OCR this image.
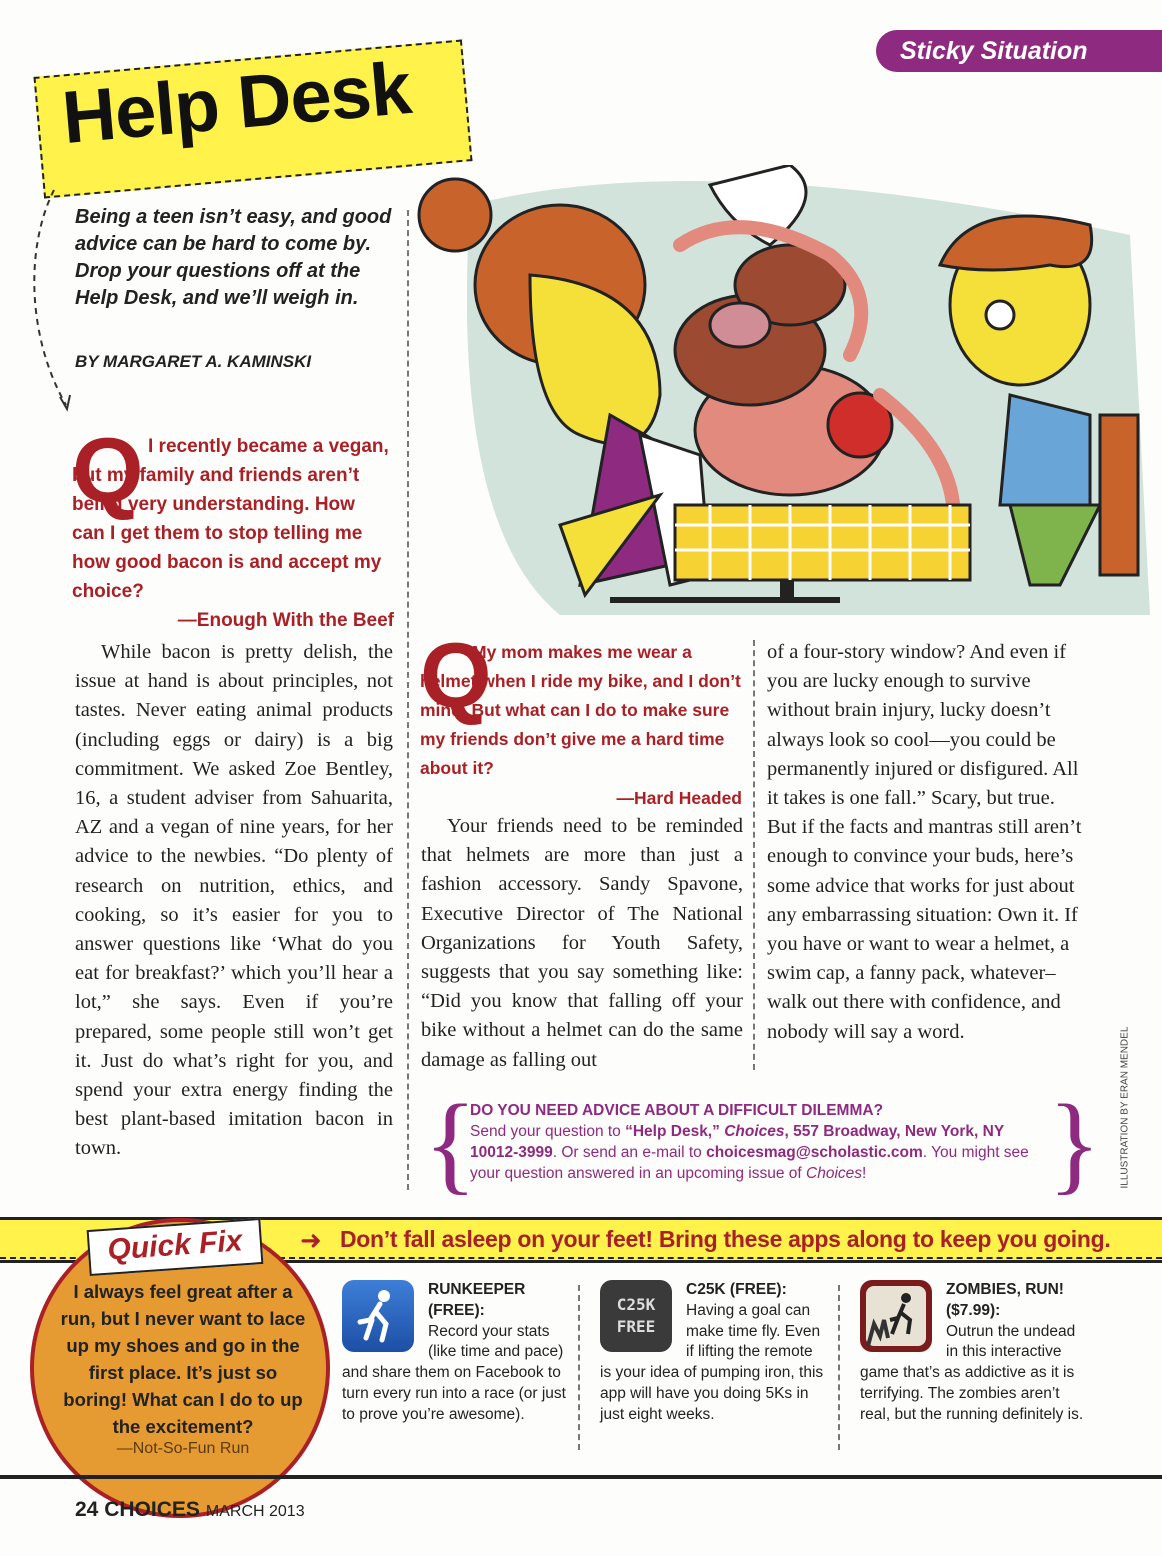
Sticky Situation
Help Desk
Being a teen isn’t easy, and good advice can be hard to come by. Drop your questions off at the Help Desk, and we’ll weigh in.
BY MARGARET A. KAMINSKI
Q I recently became a vegan, but my family and friends aren’t being very understanding. How can I get them to stop telling me how good bacon is and accept my choice?
—Enough With the Beef
While bacon is pretty delish, the issue at hand is about principles, not tastes. Never eating animal products (including eggs or dairy) is a big commitment. We asked Zoe Bentley, 16, a student adviser from Sahuarita, AZ and a vegan of nine years, for her advice to the newbies. “Do plenty of research on nutrition, ethics, and cooking, so it’s easier for you to answer questions like ‘What do you eat for breakfast?’ which you’ll hear a lot,” she says. Even if you’re prepared, some people still won’t get it. Just do what’s right for you, and spend your extra energy finding the best plant-based imitation bacon in town.
Q
My mom makes me wear a helmet when I ride my bike, and I don’t mind. But what can I do to make sure my friends don’t give me a hard time about it?
—Hard Headed
Your friends need to be reminded that helmets are more than just a fashion accessory. Sandy Spavone, Executive Director of The National Organizations for Youth Safety, suggests that you say something like: “Did you know that falling off your bike without a helmet can do the same damage as falling out
of a four-story window? And even if you are lucky enough to survive without brain injury, lucky doesn’t always look so cool—you could be permanently injured or disfigured. All it takes is one fall.” Scary, but true. But if the facts and mantras still aren’t enough to convince your buds, here’s some advice that works for just about any embarrassing situation: Own it. If you have or want to wear a helmet, a swim cap, a fanny pack, whatever– walk out there with confidence, and nobody will say a word.
{	}
DO YOU NEED ADVICE ABOUT A DIFFICULT DILEMMA?
Send your question to “Help Desk,” Choices, 557 Broadway, New York, NY 10012-3999. Or send an e-mail to choicesmag@scholastic.com. You might see your question answered in an upcoming issue of Choices!	ILLUSTRATION BY ERAN MENDEL
➜ Don’t fall asleep on your feet! Bring these apps along to keep you going.
Quick Fix
I always feel great after a run, but I never want to lace up my shoes and go in the first place. It’s just so boring! What can I do to up the excitement?
—Not-So-Fun Run
RUNKEEPER (FREE):
Record your stats (like time and pace) and share them on Facebook to turn every run into a race (or just to prove you’re awesome).
C25K
FREE
C25K (FREE):
Having a goal can make time fly. Even if lifting the remote is your idea of pumping iron, this app will have you doing 5Ks in just eight weeks.
ZOMBIES, RUN! ($7.99):
Outrun the undead in this interactive game that’s as addictive as it is terrifying. The zombies aren’t real, but the running definitely is.
24 CHOICES MARCH 2013
